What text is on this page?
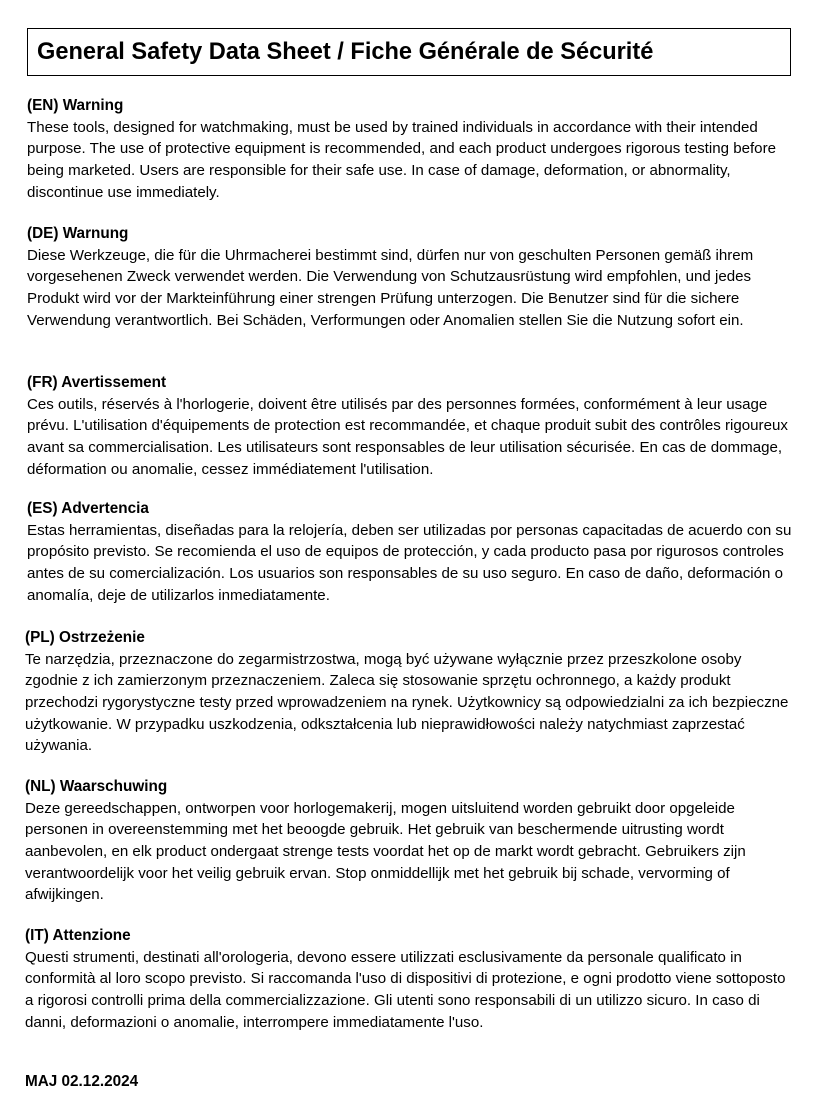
General Safety Data Sheet / Fiche Générale de Sécurité
(EN) Warning

These tools, designed for watchmaking, must be used by trained individuals in accordance with their intended purpose. The use of protective equipment is recommended, and each product undergoes rigorous testing before being marketed. Users are responsible for their safe use. In case of damage, deformation, or abnormality, discontinue use immediately.

(DE) Warnung

Diese Werkzeuge, die für die Uhrmacherei bestimmt sind, dürfen nur von geschulten Personen gemäß ihrem vorgesehenen Zweck verwendet werden. Die Verwendung von Schutzausrüstung wird empfohlen, und jedes Produkt wird vor der Markteinführung einer strengen Prüfung unterzogen. Die Benutzer sind für die sichere Verwendung verantwortlich. Bei Schäden, Verformungen oder Anomalien stellen Sie die Nutzung sofort ein.

(FR) Avertissement

Ces outils, réservés à l'horlogerie, doivent être utilisés par des personnes formées, conformément à leur usage prévu. L'utilisation d'équipements de protection est recommandée, et chaque produit subit des contrôles rigoureux avant sa commercialisation. Les utilisateurs sont responsables de leur utilisation sécurisée. En cas de dommage, déformation ou anomalie, cessez immédiatement l'utilisation.

(ES) Advertencia

Estas herramientas, diseñadas para la relojería, deben ser utilizadas por personas capacitadas de acuerdo con su propósito previsto. Se recomienda el uso de equipos de protección, y cada producto pasa por rigurosos controles antes de su comercialización. Los usuarios son responsables de su uso seguro. En caso de daño, deformación o anomalía, deje de utilizarlos inmediatamente.

(PL) Ostrzeżenie

Te narzędzia, przeznaczone do zegarmistrzostwa, mogą być używane wyłącznie przez przeszkolone osoby zgodnie z ich zamierzonym przeznaczeniem. Zaleca się stosowanie sprzętu ochronnego, a każdy produkt przechodzi rygorystyczne testy przed wprowadzeniem na rynek. Użytkownicy są odpowiedzialni za ich bezpieczne użytkowanie. W przypadku uszkodzenia, odkształcenia lub nieprawidłowości należy natychmiast zaprzestać używania.

(NL) Waarschuwing

Deze gereedschappen, ontworpen voor horlogemakerij, mogen uitsluitend worden gebruikt door opgeleide personen in overeenstemming met het beoogde gebruik. Het gebruik van beschermende uitrusting wordt aanbevolen, en elk product ondergaat strenge tests voordat het op de markt wordt gebracht. Gebruikers zijn verantwoordelijk voor het veilig gebruik ervan. Stop onmiddellijk met het gebruik bij schade, vervorming of afwijkingen.

(IT) Attenzione

Questi strumenti, destinati all'orologeria, devono essere utilizzati esclusivamente da personale qualificato in conformità al loro scopo previsto. Si raccomanda l'uso di dispositivi di protezione, e ogni prodotto viene sottoposto a rigorosi controlli prima della commercializzazione. Gli utenti sono responsabili di un utilizzo sicuro. In caso di danni, deformazioni o anomalie, interrompere immediatamente l'uso.

MAJ 02.12.2024
